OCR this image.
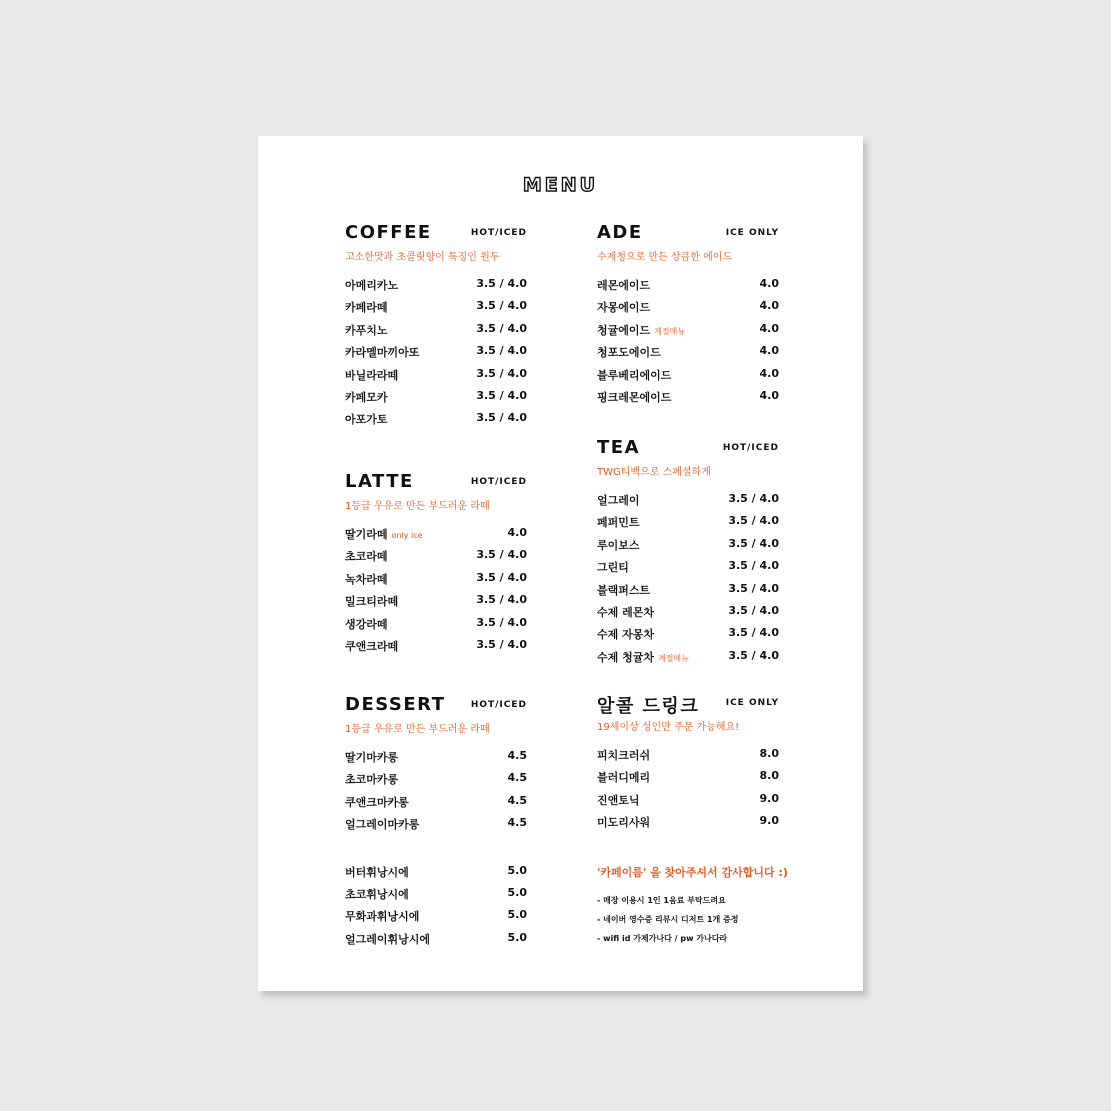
MENU
COFFEE	HOT/ICED
고소한맛과 초콜릿향이 특징인 원두
아메리카노	3.5 / 4.0
카페라떼	3.5 / 4.0
카푸치노	3.5 / 4.0
카라멜마끼아또	3.5 / 4.0
바닐라라떼	3.5 / 4.0
카페모카	3.5 / 4.0
아포가토	3.5 / 4.0
LATTE	HOT/ICED
1등급 우유로 만든 부드러운 라떼
딸기라떼 only ice	4.0
초코라떼	3.5 / 4.0
녹차라떼	3.5 / 4.0
밀크티라떼	3.5 / 4.0
생강라떼	3.5 / 4.0
쿠앤크라떼	3.5 / 4.0
DESSERT	HOT/ICED
1등급 우유로 만든 부드러운 라떼
딸기마카롱	4.5
초코마카롱	4.5
쿠앤크마카롱	4.5
얼그레이마카롱	4.5
버터휘낭시에	5.0
초코휘낭시에	5.0
무화과휘낭시에	5.0
얼그레이휘낭시에	5.0
ADE	ICE ONLY
수제청으로 만든 상큼한 에이드
레몬에이드	4.0
자몽에이드	4.0
청귤에이드 계절메뉴	4.0
청포도에이드	4.0
블루베리에이드	4.0
핑크레몬에이드	4.0
TEA	HOT/ICED
TWG티백으로 스페셜하게
얼그레이	3.5 / 4.0
페퍼민트	3.5 / 4.0
루이보스	3.5 / 4.0
그린티	3.5 / 4.0
블랙퍼스트	3.5 / 4.0
수제 레몬차	3.5 / 4.0
수제 자몽차	3.5 / 4.0
수제 청귤차 계절메뉴	3.5 / 4.0
알콜 드링크	ICE ONLY
19세이상 성인만 주문 가능해요!
피치크러쉬	8.0
블러디메리	8.0
진앤토닉	9.0
미도리사워	9.0
'카페이름' 을 찾아주셔서 감사합니다 :)
- 매장 이용시 1인 1음료 부탁드려요
- 네이버 영수증 리뷰시 디저트 1개 증정
- wifi id 가제가나다 / pw 가나다라
